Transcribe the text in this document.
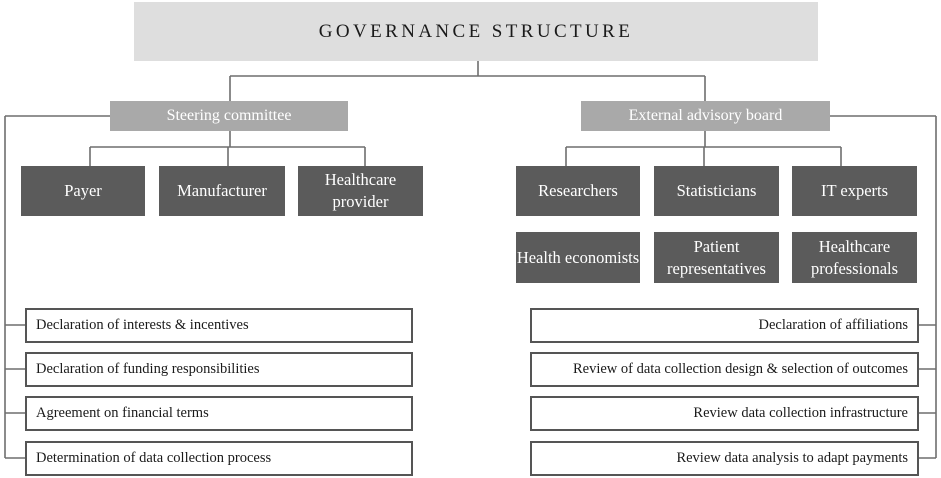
GOVERNANCE STRUCTURE
Steering committee	External advisory board
Payer	Manufacturer
Healthcare provider
Researchers	Statisticians	IT experts
Health economists
Patient representatives
Healthcare professionals
Declaration of interests & incentives
Declaration of funding responsibilities
Agreement on financial terms
Determination of data collection process
Declaration of affiliations
Review of data collection design & selection of outcomes
Review data collection infrastructure
Review data analysis to adapt payments
